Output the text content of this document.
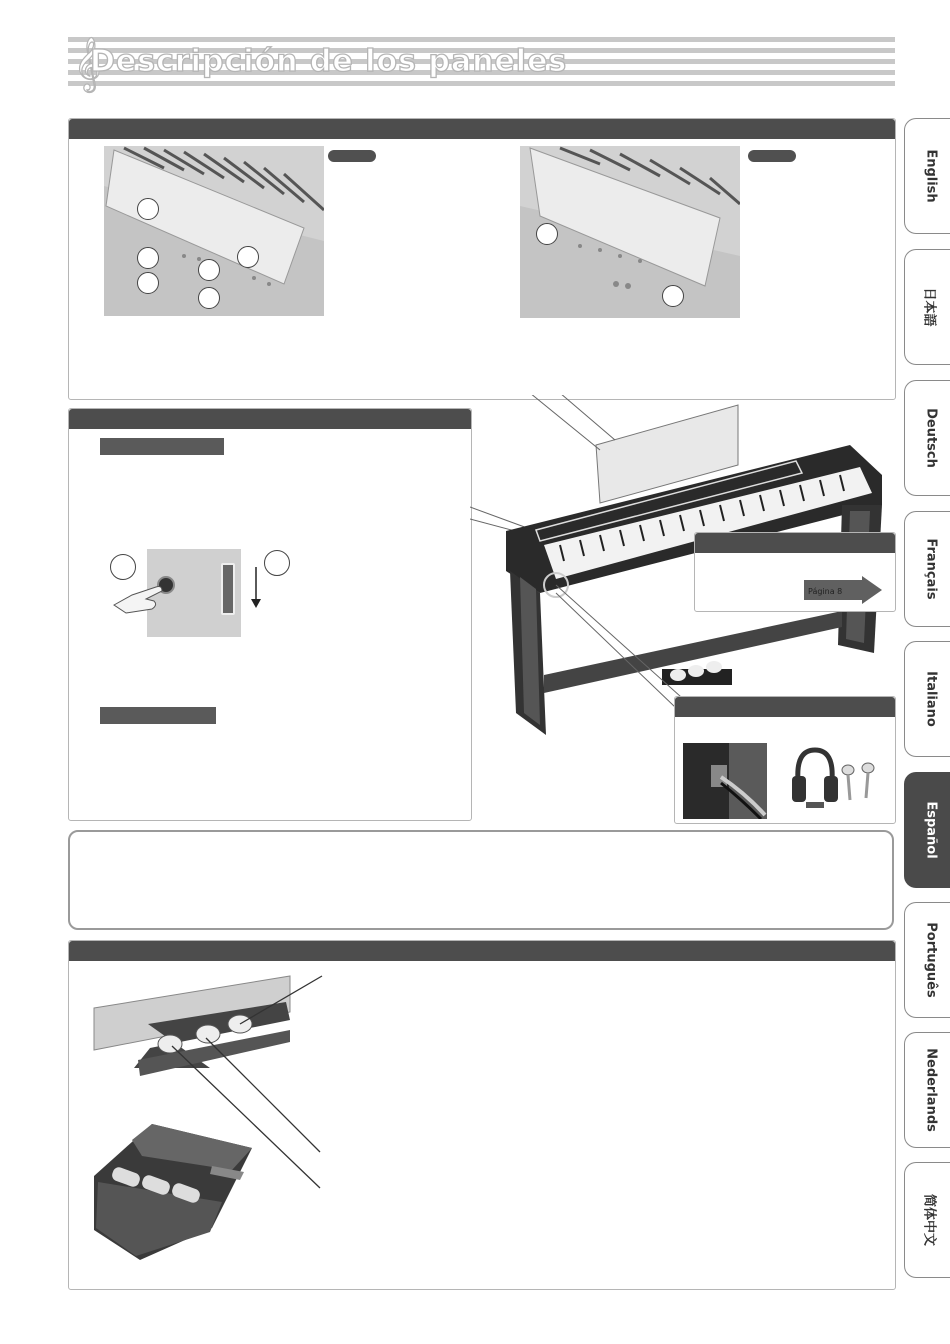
𝄞
Descripción de los paneles
Página 8
English
日本語
Deutsch
Français
Italiano
Español
Português
Nederlands
简体中文
